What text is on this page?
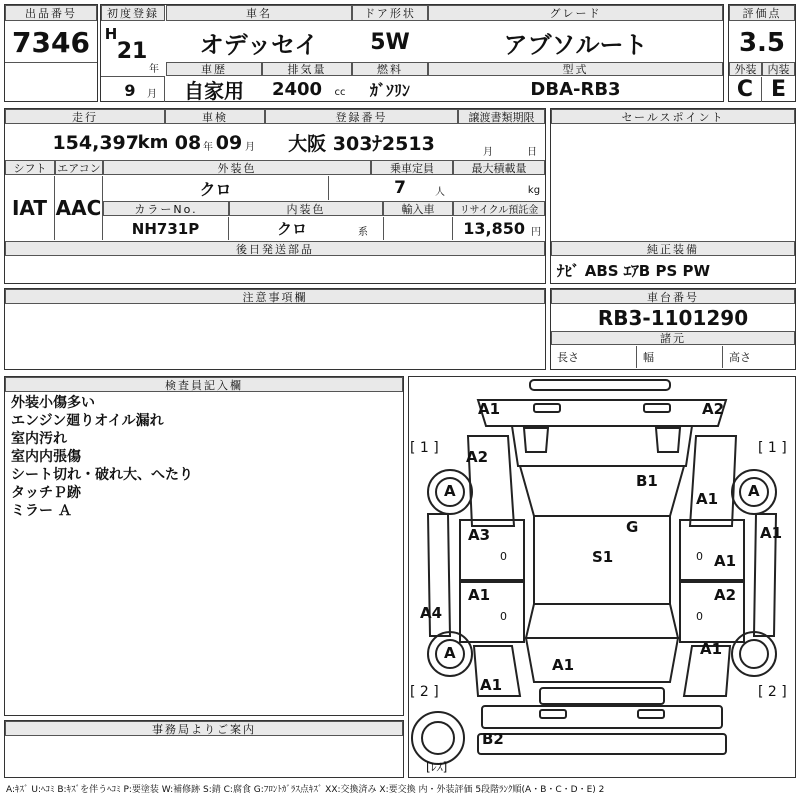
出品番号
7346
初度登録
H
21
年
9	月
車名
オデッセイ
ドア形状
5W
グレード
アブソルート
車歴
自家用
排気量
2400	cc
燃料
ｶﾞｿﾘﾝ
型式
DBA-RB3
評価点
3.5
外装	内装
C E
走行
154,397
km
車検
08 年 09 月
登録番号
大阪 303ﾅ2513
譲渡書類期限
月	日
シフト
IAT
エアコン
AAC
外装色
クロ
乗車定員
7	人
最大積載量
kg
カラーNo.
NH731P
内装色
クロ	系
輸入車	リサイクル預託金
13,850 円
後日発送部品
セールスポイント
純正装備
ﾅﾋﾞ ABS ｴｱB PS PW
注意事項欄	車台番号
RB3-1101290
諸元
長さ	幅	高さ
検査員記入欄
外装小傷多い
エンジン廻りオイル漏れ
室内汚れ
室内内張傷
シート切れ・破れ大、へたり
タッチＰ跡
ミラー Ａ
事務局よりご案内
A1	A2
A2
B1
A1
G
S1
A3
0	A1
0
A1
0
A2
0
A1
A4
A	A
A	A1
A1
A1
B2
[ 1 ]	[ 1 ]
[ 2 ]	[ 2 ]
[ﾚｽ]
A:ｷｽﾞ U:ﾍｺﾐ B:ｷｽﾞを伴うﾍｺﾐ P:要塗装 W:補修跡 S:錆 C:腐食 G:ﾌﾛﾝﾄｶﾞﾗｽ点ｷｽﾞ XX:交換済み X:要交換 内・外装評価 5段階ﾗﾝｸ順(A・B・C・D・E) 2
